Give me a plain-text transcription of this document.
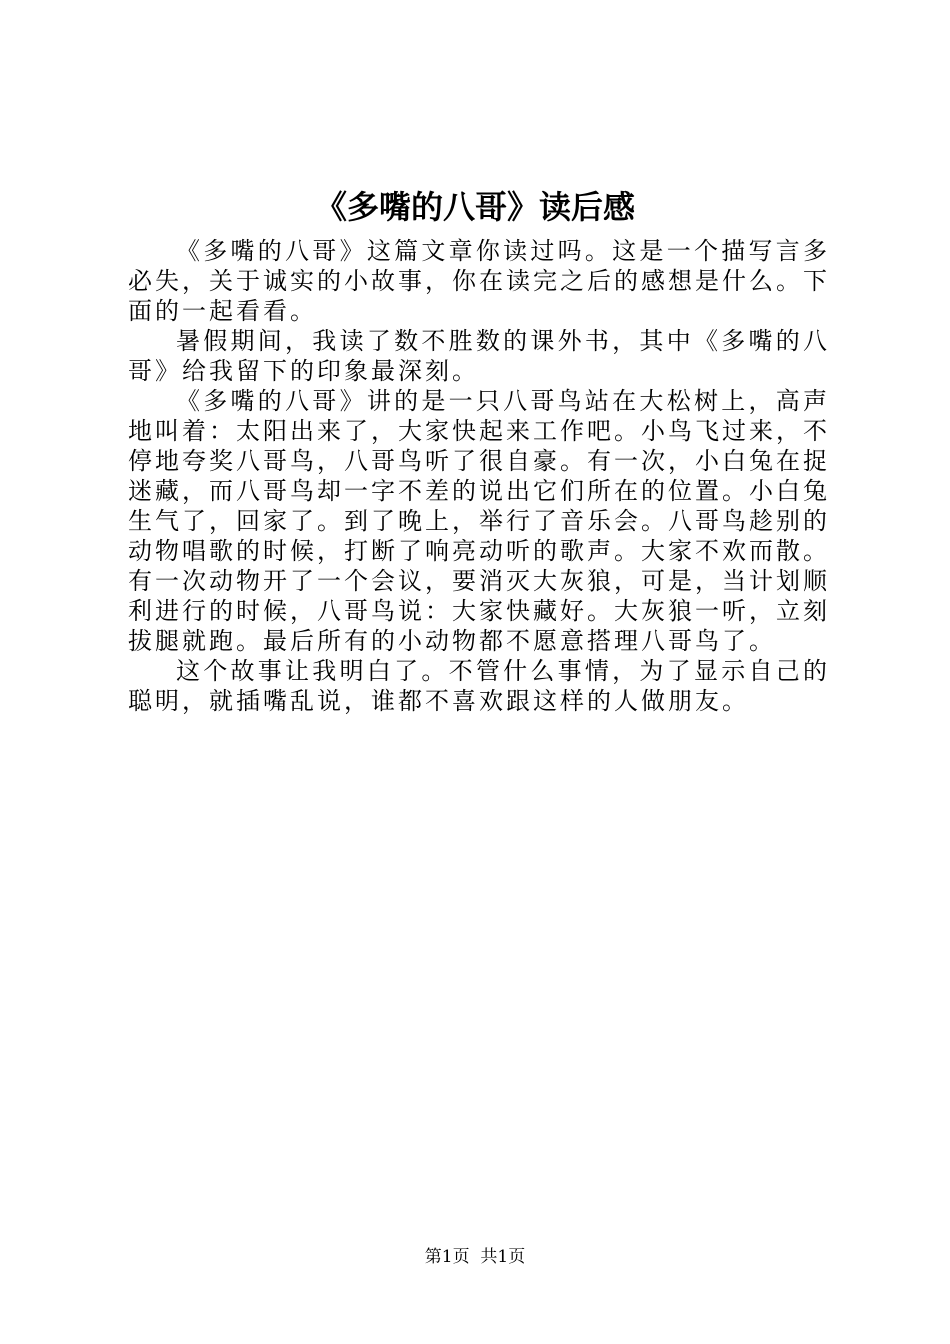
《多嘴的八哥》读后感

《多嘴的八哥》这篇文章你读过吗。这是一个描写言多必失，关于诚实的小故事，你在读完之后的感想是什么。下面的一起看看。

暑假期间，我读了数不胜数的课外书，其中《多嘴的八哥》给我留下的印象最深刻。

《多嘴的八哥》讲的是一只八哥鸟站在大松树上，高声地叫着：太阳出来了，大家快起来工作吧。小鸟飞过来，不停地夸奖八哥鸟，八哥鸟听了很自豪。有一次，小白兔在捉迷藏，而八哥鸟却一字不差的说出它们所在的位置。小白兔生气了，回家了。到了晚上，举行了音乐会。八哥鸟趁别的动物唱歌的时候，打断了响亮动听的歌声。大家不欢而散。有一次动物开了一个会议，要消灭大灰狼，可是，当计划顺利进行的时候，八哥鸟说：大家快藏好。大灰狼一听，立刻拔腿就跑。最后所有的小动物都不愿意搭理八哥鸟了。

这个故事让我明白了。不管什么事情，为了显示自己的聪明，就插嘴乱说，谁都不喜欢跟这样的人做朋友。

第1页 共1页
